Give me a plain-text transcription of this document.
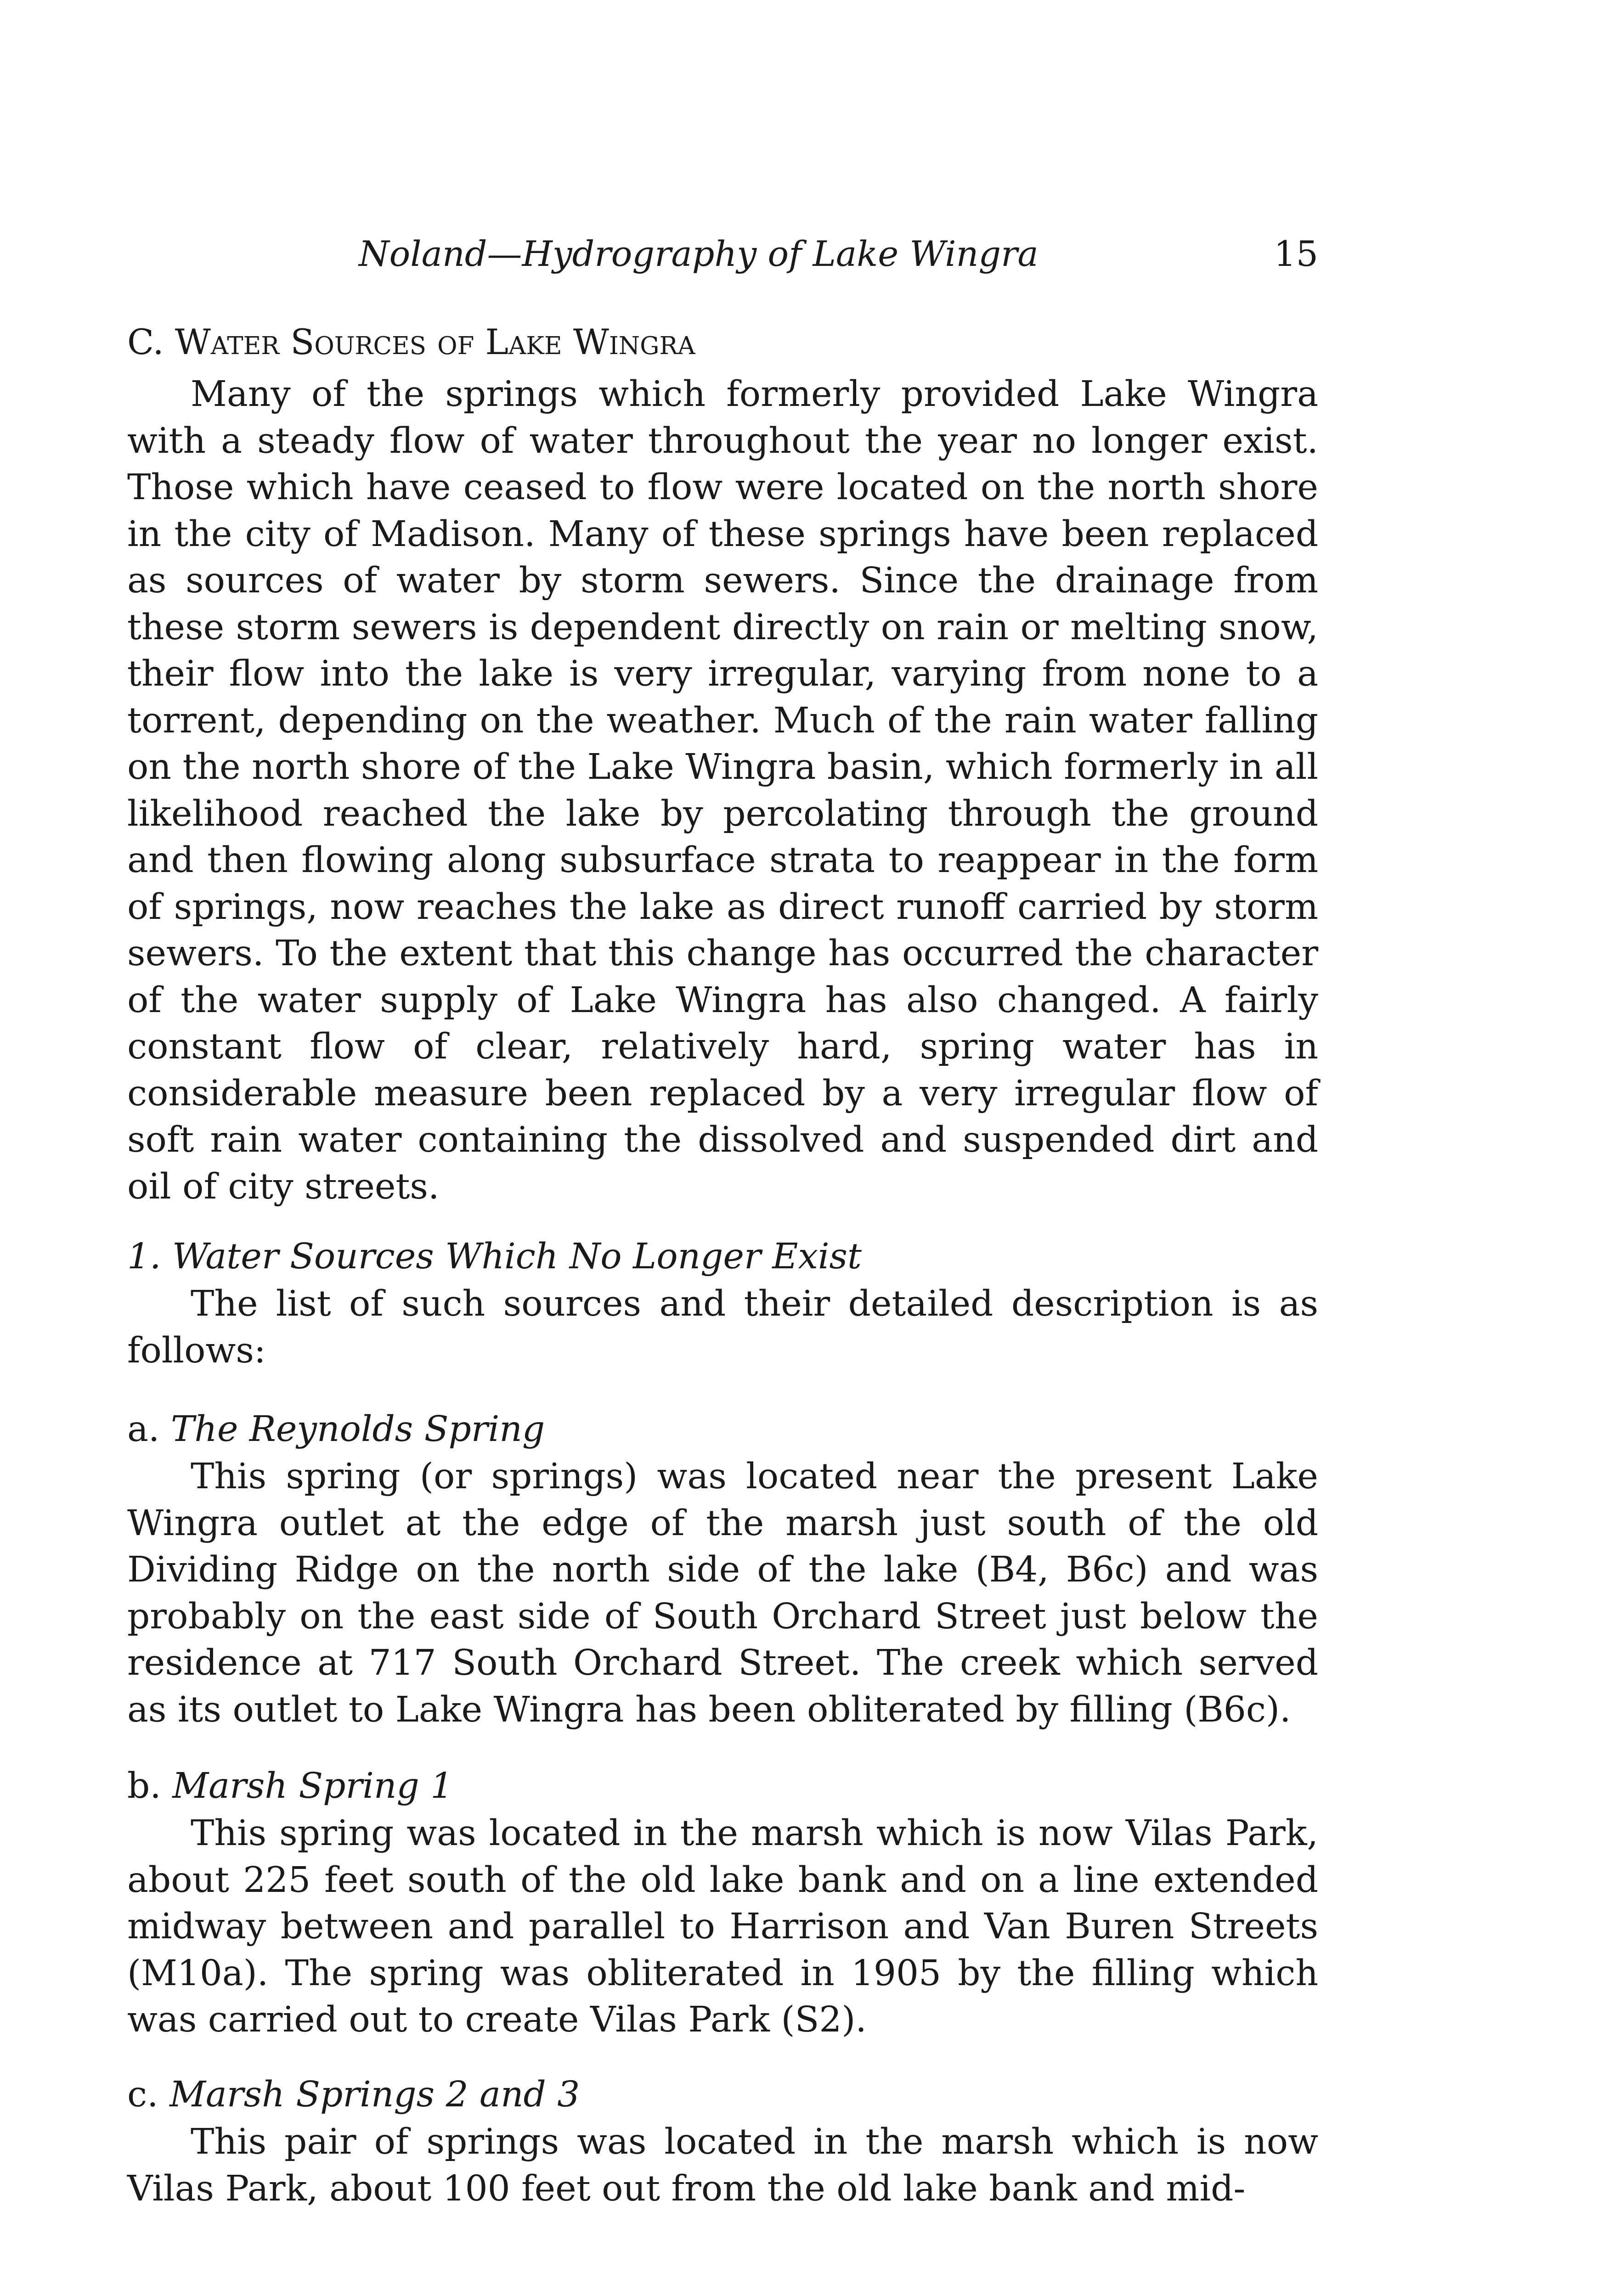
Noland—Hydrography of Lake Wingra	15
C. Water Sources of Lake Wingra

Many of the springs which formerly provided Lake Wingra with a steady flow of water throughout the year no longer exist. Those which have ceased to flow were located on the north shore in the city of Madison. Many of these springs have been replaced as sources of water by storm sewers. Since the drainage from these storm sewers is dependent directly on rain or melting snow, their flow into the lake is very irregular, varying from none to a torrent, depending on the weather. Much of the rain water falling on the north shore of the Lake Wingra basin, which formerly in all likelihood reached the lake by percolating through the ground and then flowing along subsurface strata to reappear in the form of springs, now reaches the lake as direct runoff carried by storm sewers. To the extent that this change has occurred the character of the water supply of Lake Wingra has also changed. A fairly constant flow of clear, relatively hard, spring water has in considerable measure been replaced by a very irregular flow of soft rain water containing the dissolved and suspended dirt and oil of city streets.

1. Water Sources Which No Longer Exist

The list of such sources and their detailed description is as follows:

a. The Reynolds Spring

This spring (or springs) was located near the present Lake Wingra outlet at the edge of the marsh just south of the old Dividing Ridge on the north side of the lake (B4, B6c) and was probably on the east side of South Orchard Street just below the residence at 717 South Orchard Street. The creek which served as its outlet to Lake Wingra has been obliterated by filling (B6c).

b. Marsh Spring 1

This spring was located in the marsh which is now Vilas Park, about 225 feet south of the old lake bank and on a line extended midway between and parallel to Harrison and Van Buren Streets (M10a). The spring was obliterated in 1905 by the filling which was carried out to create Vilas Park (S2).

c. Marsh Springs 2 and 3

This pair of springs was located in the marsh which is now Vilas Park, about 100 feet out from the old lake bank and mid-
